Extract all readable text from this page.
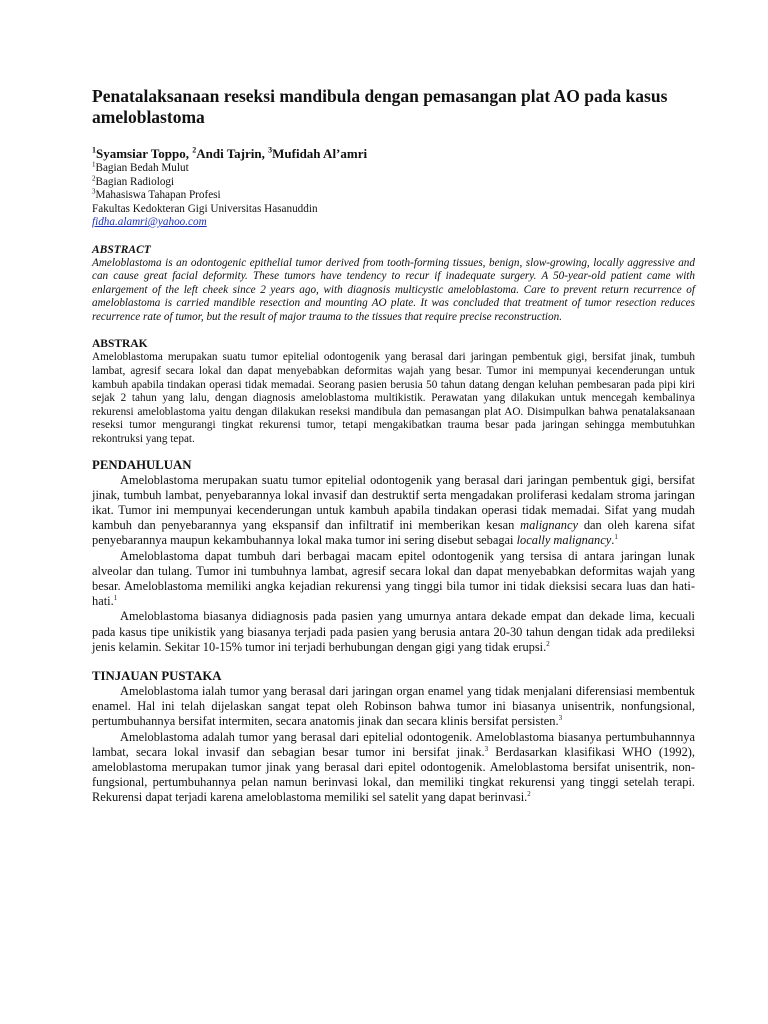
Penatalaksanaan reseksi mandibula dengan pemasangan plat AO pada kasus ameloblastoma
$^1$Syamsiar Toppo, $^2$Andi Tajrin, $^3$Mufidah Al’amri
$^1$Bagian Bedah Mulut
$^2$Bagian Radiologi
$^3$Mahasiswa Tahapan Profesi
Fakultas Kedokteran Gigi Universitas Hasanuddin
fidha.alamri@yahoo.com
ABSTRACT
Ameloblastoma is an odontogenic epithelial tumor derived from tooth-forming tissues, benign, slow-growing, locally aggressive and can cause great facial deformity. These tumors have tendency to recur if inadequate surgery. A 50-year-old patient came with enlargement of the left cheek since 2 years ago, with diagnosis multicystic ameloblastoma. Care to prevent return recurrence of ameloblastoma is carried mandible resection and mounting AO plate. It was concluded that treatment of tumor resection reduces recurrence rate of tumor, but the result of major trauma to the tissues that require precise reconstruction.
ABSTRAK
Ameloblastoma merupakan suatu tumor epitelial odontogenik yang berasal dari jaringan pembentuk gigi, bersifat jinak, tumbuh lambat, agresif secara lokal dan dapat menyebabkan deformitas wajah yang besar. Tumor ini mempunyai kecenderungan untuk kambuh apabila tindakan operasi tidak memadai. Seorang pasien berusia 50 tahun datang dengan keluhan pembesaran pada pipi kiri sejak 2 tahun yang lalu, dengan diagnosis ameloblastoma multikistik. Perawatan yang dilakukan untuk mencegah kembalinya rekurensi ameloblastoma yaitu dengan dilakukan reseksi mandibula dan pemasangan plat AO. Disimpulkan bahwa penatalaksanaan reseksi tumor mengurangi tingkat rekurensi tumor, tetapi mengakibatkan trauma besar pada jaringan sehingga membutuhkan rekontruksi yang tepat.
PENDAHULUAN

Ameloblastoma merupakan suatu tumor epitelial odontogenik yang berasal dari jaringan pembentuk gigi, bersifat jinak, tumbuh lambat, penyebarannya lokal invasif dan destruktif serta mengadakan proliferasi kedalam stroma jaringan ikat. Tumor ini mempunyai kecenderungan untuk kambuh apabila tindakan operasi tidak memadai. Sifat yang mudah kambuh dan penyebarannya yang ekspansif dan infiltratif ini memberikan kesan malignancy dan oleh karena sifat penyebarannya maupun kekambuhannya lokal maka tumor ini sering disebut sebagai locally malignancy.$^1$

Ameloblastoma dapat tumbuh dari berbagai macam epitel odontogenik yang tersisa di antara jaringan lunak alveolar dan tulang. Tumor ini tumbuhnya lambat, agresif secara lokal dan dapat menyebabkan deformitas wajah yang besar. Ameloblastoma memiliki angka kejadian rekurensi yang tinggi bila tumor ini tidak dieksisi secara luas dan hati-hati.$^1$

Ameloblastoma biasanya didiagnosis pada pasien yang umurnya antara dekade empat dan dekade lima, kecuali pada kasus tipe unikistik yang biasanya terjadi pada pasien yang berusia antara 20-30 tahun dengan tidak ada predileksi jenis kelamin. Sekitar 10-15% tumor ini terjadi berhubungan dengan gigi yang tidak erupsi.$^2$

TINJAUAN PUSTAKA

Ameloblastoma ialah tumor yang berasal dari jaringan organ enamel yang tidak menjalani diferensiasi membentuk enamel. Hal ini telah dijelaskan sangat tepat oleh Robinson bahwa tumor ini biasanya unisentrik, nonfungsional, pertumbuhannya bersifat intermiten, secara anatomis jinak dan secara klinis bersifat persisten.$^3$

Ameloblastoma adalah tumor yang berasal dari epitelial odontogenik. Ameloblastoma biasanya pertumbuhannnya lambat, secara lokal invasif dan sebagian besar tumor ini bersifat jinak.$^3$ Berdasarkan klasifikasi WHO (1992), ameloblastoma merupakan tumor jinak yang berasal dari epitel odontogenik. Ameloblastoma bersifat unisentrik, non-fungsional, pertumbuhannya pelan namun berinvasi lokal, dan memiliki tingkat rekurensi yang tinggi setelah terapi. Rekurensi dapat terjadi karena ameloblastoma memiliki sel satelit yang dapat berinvasi.$^2$
